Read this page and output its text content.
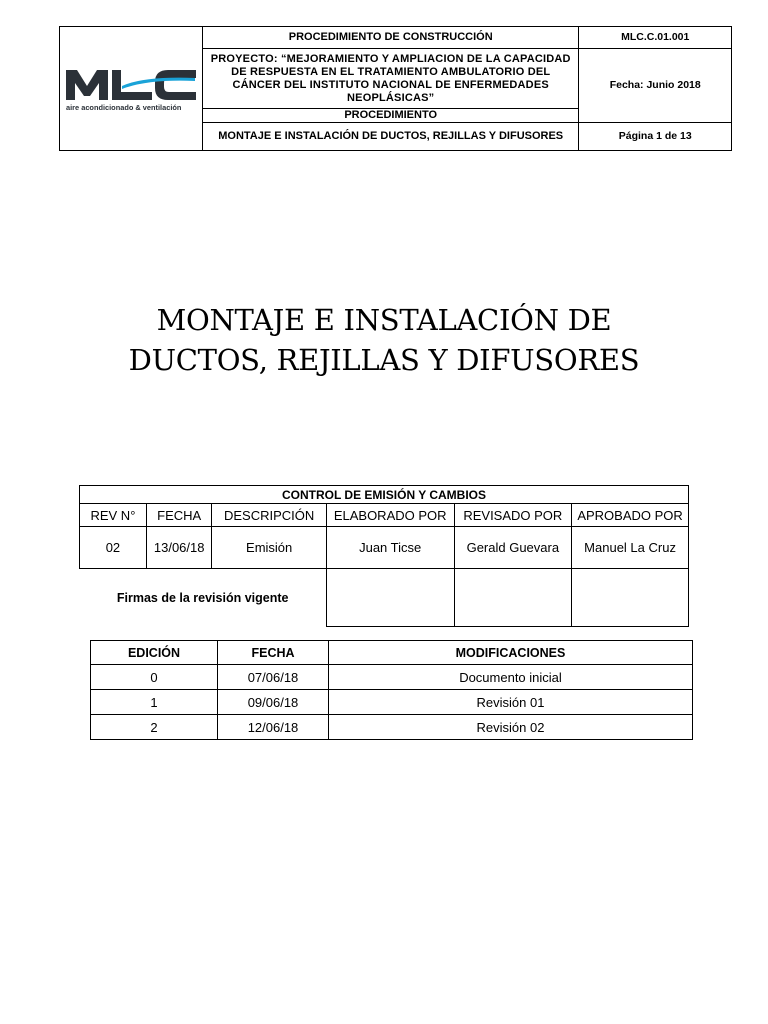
aire acondicionado & ventilación	PROCEDIMIENTO DE CONSTRUCCIÓN	MLC.C.01.001
	PROYECTO: “MEJORAMIENTO Y AMPLIACION DE LA CAPACIDAD DE RESPUESTA EN EL TRATAMIENTO AMBULATORIO DEL CÁNCER DEL INSTITUTO NACIONAL DE ENFERMEDADES NEOPLÁSICAS”	Fecha: Junio 2018
	PROCEDIMIENTO	
	MONTAJE E INSTALACIÓN DE DUCTOS, REJILLAS Y DIFUSORES	Página 1 de 13
MONTAJE E INSTALACIÓN DE
DUCTOS, REJILLAS Y DIFUSORES
CONTROL DE EMISIÓN Y CAMBIOS					
REV N°	FECHA	DESCRIPCIÓN	ELABORADO POR	REVISADO POR	APROBADO POR
02	13/06/18	Emisión	Juan Ticse	Gerald Guevara	Manuel La Cruz
Firmas de la revisión vigente					
EDICIÓN	FECHA	MODIFICACIONES
0	07/06/18	Documento inicial
1	09/06/18	Revisión 01
2	12/06/18	Revisión 02
